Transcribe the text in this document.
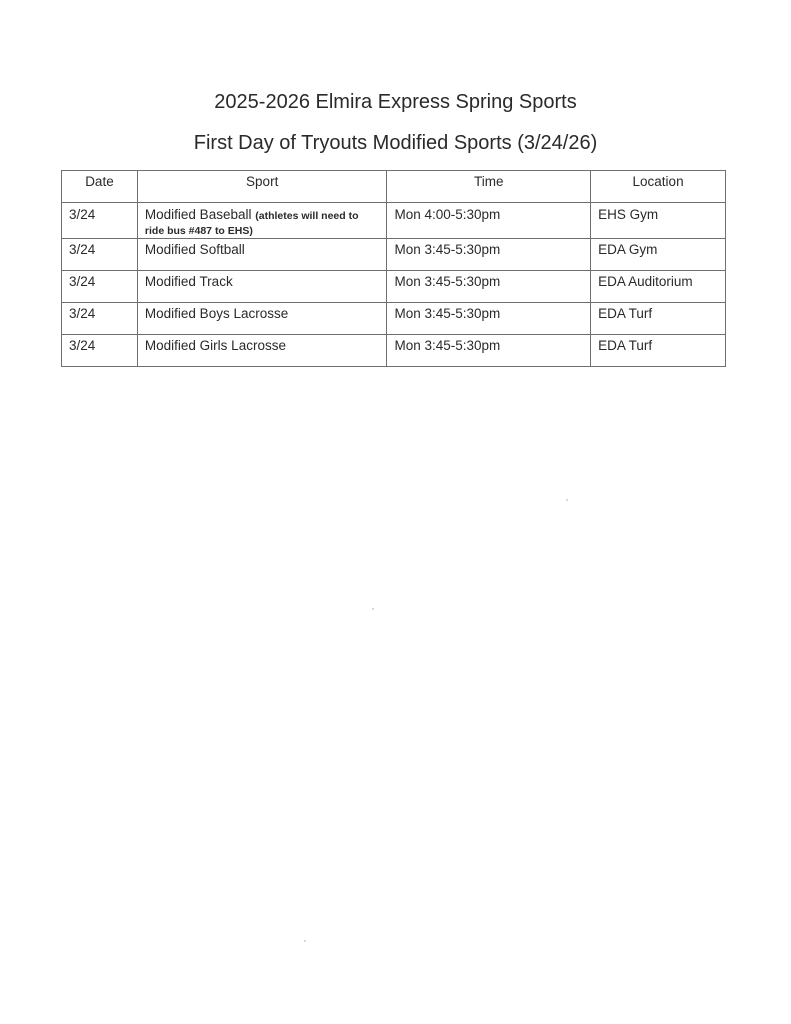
2025-2026 Elmira Express Spring Sports
First Day of Tryouts Modified Sports (3/24/26)
Date	Sport	Time	Location
3/24	Modified Baseball (athletes will need to ride bus #487 to EHS)	Mon 4:00-5:30pm	EHS Gym
3/24	Modified Softball	Mon 3:45-5:30pm	EDA Gym
3/24	Modified Track	Mon 3:45-5:30pm	EDA Auditorium
3/24	Modified Boys Lacrosse	Mon 3:45-5:30pm	EDA Turf
3/24	Modified Girls Lacrosse	Mon 3:45-5:30pm	EDA Turf
